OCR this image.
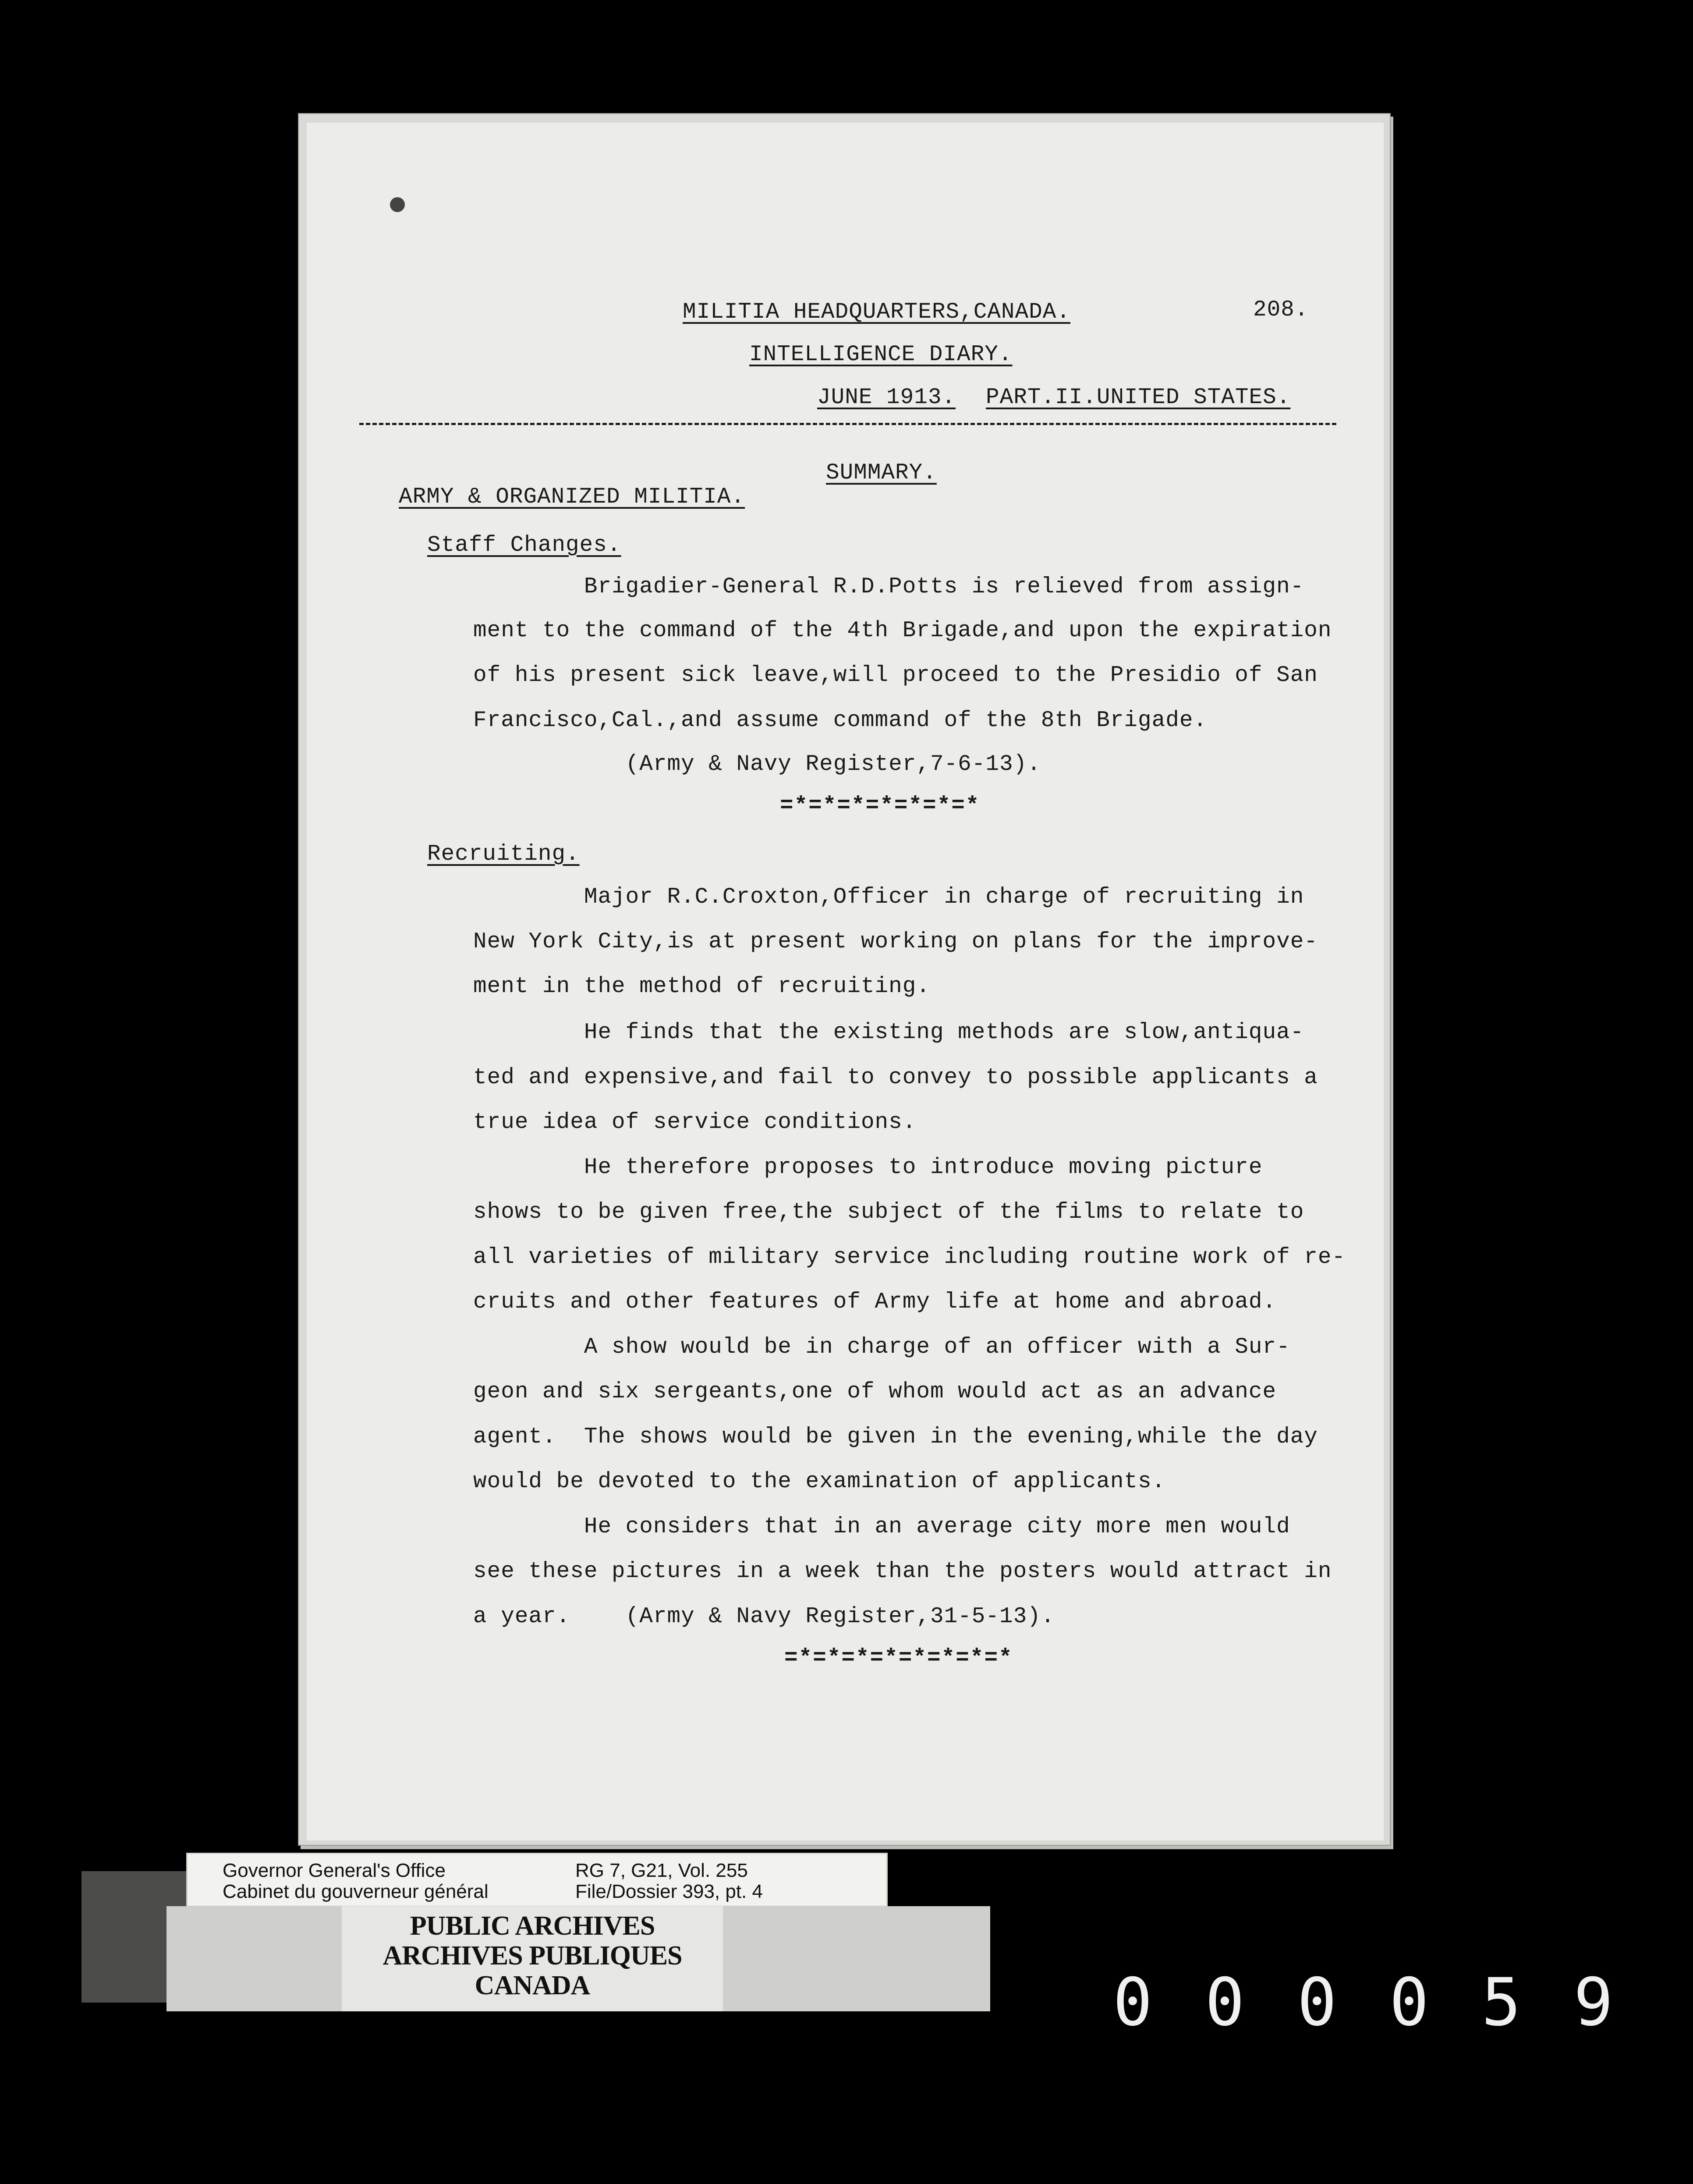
MILITIA HEADQUARTERS,CANADA.	208.
INTELLIGENCE DIARY.
JUNE 1913. PART.II.UNITED STATES.
SUMMARY.
ARMY & ORGANIZED MILITIA.
Staff Changes.
Brigadier-General R.D.Potts is relieved from assign-
ment to the command of the 4th Brigade,and upon the expiration
of his present sick leave,will proceed to the Presidio of San
Francisco,Cal.,and assume command of the 8th Brigade.
(Army & Navy Register,7-6-13).
=*=*=*=*=*=*=*
Recruiting.
Major R.C.Croxton,Officer in charge of recruiting in
New York City,is at present working on plans for the improve-
ment in the method of recruiting.
He finds that the existing methods are slow,antiqua-
ted and expensive,and fail to convey to possible applicants a
true idea of service conditions.
He therefore proposes to introduce moving picture
shows to be given free,the subject of the films to relate to
all varieties of military service including routine work of re-
cruits and other features of Army life at home and abroad.
A show would be in charge of an officer with a Sur-
geon and six sergeants,one of whom would act as an advance
agent.  The shows would be given in the evening,while the day
would be devoted to the examination of applicants.
He considers that in an average city more men would
see these pictures in a week than the posters would attract in
a year.    (Army & Navy Register,31-5-13).
=*=*=*=*=*=*=*=*
Governor General's Office
Cabinet du gouverneur général
RG 7, G21, Vol. 255
File/Dossier 393, pt. 4
PUBLIC ARCHIVES
ARCHIVES PUBLIQUES
CANADA	000059
